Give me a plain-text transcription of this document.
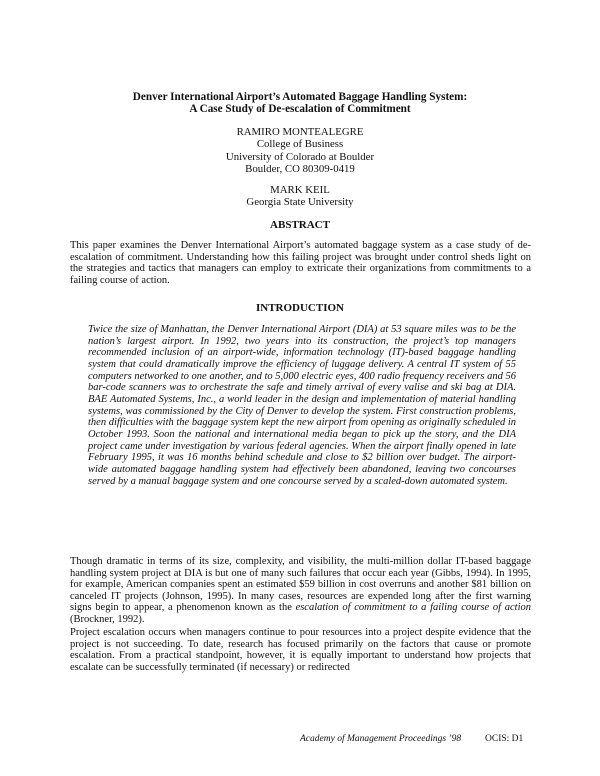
Denver International Airport’s Automated Baggage Handling System:
A Case Study of De-escalation of Commitment
RAMIRO MONTEALEGRE
College of Business
University of Colorado at Boulder
Boulder, CO 80309-0419
MARK KEIL
Georgia State University
ABSTRACT
This paper examines the Denver International Airport’s automated baggage system as a case study of de-escalation of commitment. Understanding how this failing project was brought under control sheds light on the strategies and tactics that managers can employ to extricate their organizations from commitments to a failing course of action.
INTRODUCTION
Twice the size of Manhattan, the Denver International Airport (DIA) at 53 square miles was to be the nation’s largest airport. In 1992, two years into its construction, the project’s top managers recommended inclusion of an airport-wide, information technology (IT)-based baggage handling system that could dramatically improve the efficiency of luggage delivery. A central IT system of 55 computers networked to one another, and to 5,000 electric eyes, 400 radio frequency receivers and 56 bar-code scanners was to orchestrate the safe and timely arrival of every valise and ski bag at DIA. BAE Automated Systems, Inc., a world leader in the design and implementation of material handling systems, was commissioned by the City of Denver to develop the system. First construction problems, then difficulties with the baggage system kept the new airport from opening as originally scheduled in October 1993. Soon the national and international media began to pick up the story, and the DIA project came under investigation by various federal agencies. When the airport finally opened in late February 1995, it was 16 months behind schedule and close to $2 billion over budget. The airport-wide automated baggage handling system had effectively been abandoned, leaving two concourses served by a manual baggage system and one concourse served by a scaled-down automated system.
Though dramatic in terms of its size, complexity, and visibility, the multi-million dollar IT-based baggage handling system project at DIA is but one of many such failures that occur each year (Gibbs, 1994). In 1995, for example, American companies spent an estimated $59 billion in cost overruns and another $81 billion on canceled IT projects (Johnson, 1995). In many cases, resources are expended long after the first warning signs begin to appear, a phenomenon known as the escalation of commitment to a failing course of action (Brockner, 1992).
Project escalation occurs when managers continue to pour resources into a project despite evidence that the project is not succeeding. To date, research has focused primarily on the factors that cause or promote escalation. From a practical standpoint, however, it is equally important to understand how projects that escalate can be successfully terminated (if necessary) or redirected
Academy of Management Proceedings ’98	OCIS: D1
